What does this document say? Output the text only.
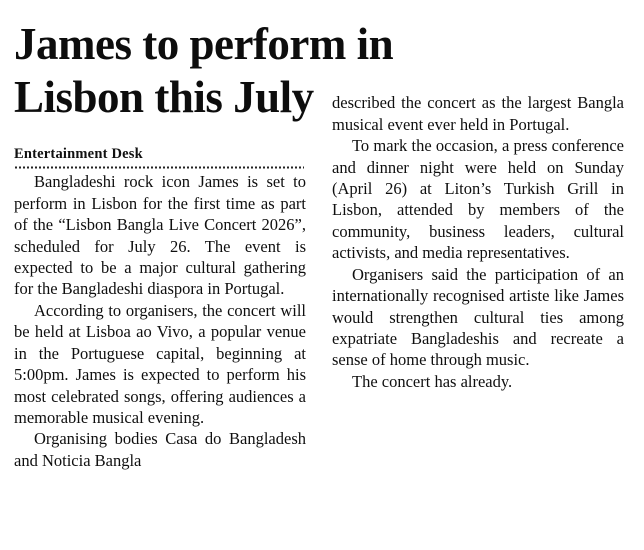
James to perform in
Lisbon this July
Entertainment Desk

Bangladeshi rock icon James is set to perform in Lisbon for the first time as part of the “Lisbon Bangla Live Concert 2026”, scheduled for July 26. The event is expected to be a major cultural gathering for the Bangladeshi diaspora in Portugal.

According to organisers, the concert will be held at Lisboa ao Vivo, a popular venue in the Portuguese capital, beginning at 5:00pm. James is expected to perform his most celebrated songs, offering audiences a memorable musical evening.

Organising bodies Casa do Bangladesh and Noticia Bangla

described the concert as the largest Bangla musical event ever held in Portugal.

To mark the occasion, a press conference and dinner night were held on Sunday (April 26) at Liton’s Turkish Grill in Lisbon, attended by members of the community, business leaders, cultural activists, and media representatives.

Organisers said the participation of an internationally recognised artiste like James would strengthen cultural ties among expatriate Bangladeshis and recreate a sense of home through music.

The concert has already.
